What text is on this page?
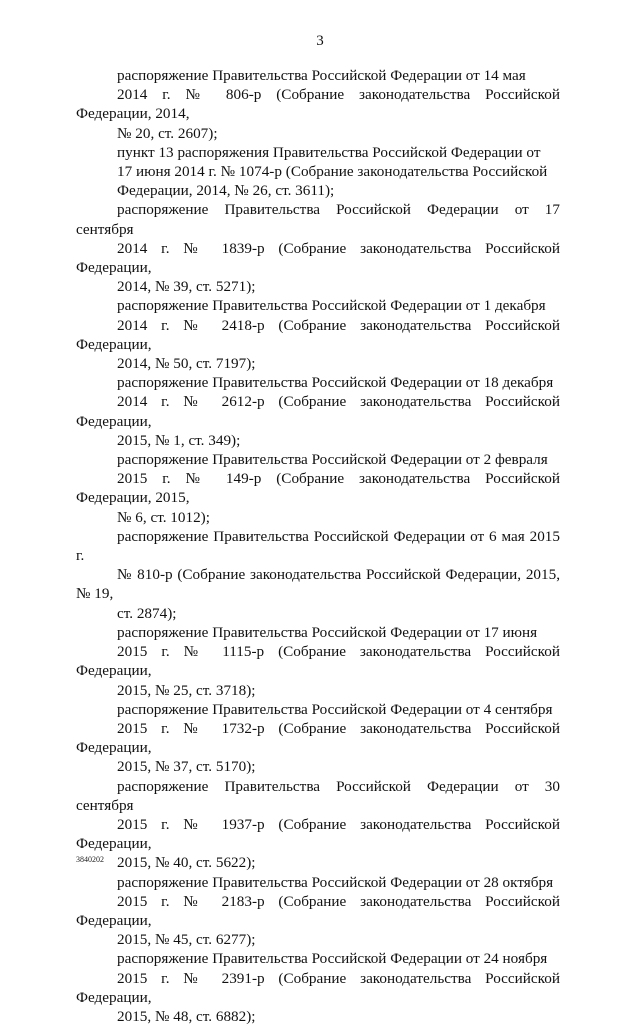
3

распоряжение Правительства Российской Федерации от 14 мая
2014 г. № 806-р (Собрание законодательства Российской Федерации, 2014,
№ 20, ст. 2607);

пункт 13 распоряжения Правительства Российской Федерации от
17 июня 2014 г. № 1074-р (Собрание законодательства Российской
Федерации, 2014, № 26, ст. 3611);

распоряжение Правительства Российской Федерации от 17 сентября
2014 г. № 1839-р (Собрание законодательства Российской Федерации,
2014, № 39, ст. 5271);

распоряжение Правительства Российской Федерации от 1 декабря
2014 г. № 2418-р (Собрание законодательства Российской Федерации,
2014, № 50, ст. 7197);

распоряжение Правительства Российской Федерации от 18 декабря
2014 г. № 2612-р (Собрание законодательства Российской Федерации,
2015, № 1, ст. 349);

распоряжение Правительства Российской Федерации от 2 февраля
2015 г. № 149-р (Собрание законодательства Российской Федерации, 2015,
№ 6, ст. 1012);

распоряжение Правительства Российской Федерации от 6 мая 2015 г.
№ 810-р (Собрание законодательства Российской Федерации, 2015, № 19,
ст. 2874);

распоряжение Правительства Российской Федерации от 17 июня
2015 г. № 1115-р (Собрание законодательства Российской Федерации,
2015, № 25, ст. 3718);

распоряжение Правительства Российской Федерации от 4 сентября
2015 г. № 1732-р (Собрание законодательства Российской Федерации,
2015, № 37, ст. 5170);

распоряжение Правительства Российской Федерации от 30 сентября
2015 г. № 1937-р (Собрание законодательства Российской Федерации,
2015, № 40, ст. 5622);

распоряжение Правительства Российской Федерации от 28 октября
2015 г. № 2183-р (Собрание законодательства Российской Федерации,
2015, № 45, ст. 6277);

распоряжение Правительства Российской Федерации от 24 ноября
2015 г. № 2391-р (Собрание законодательства Российской Федерации,
2015, № 48, ст. 6882);

3840202
